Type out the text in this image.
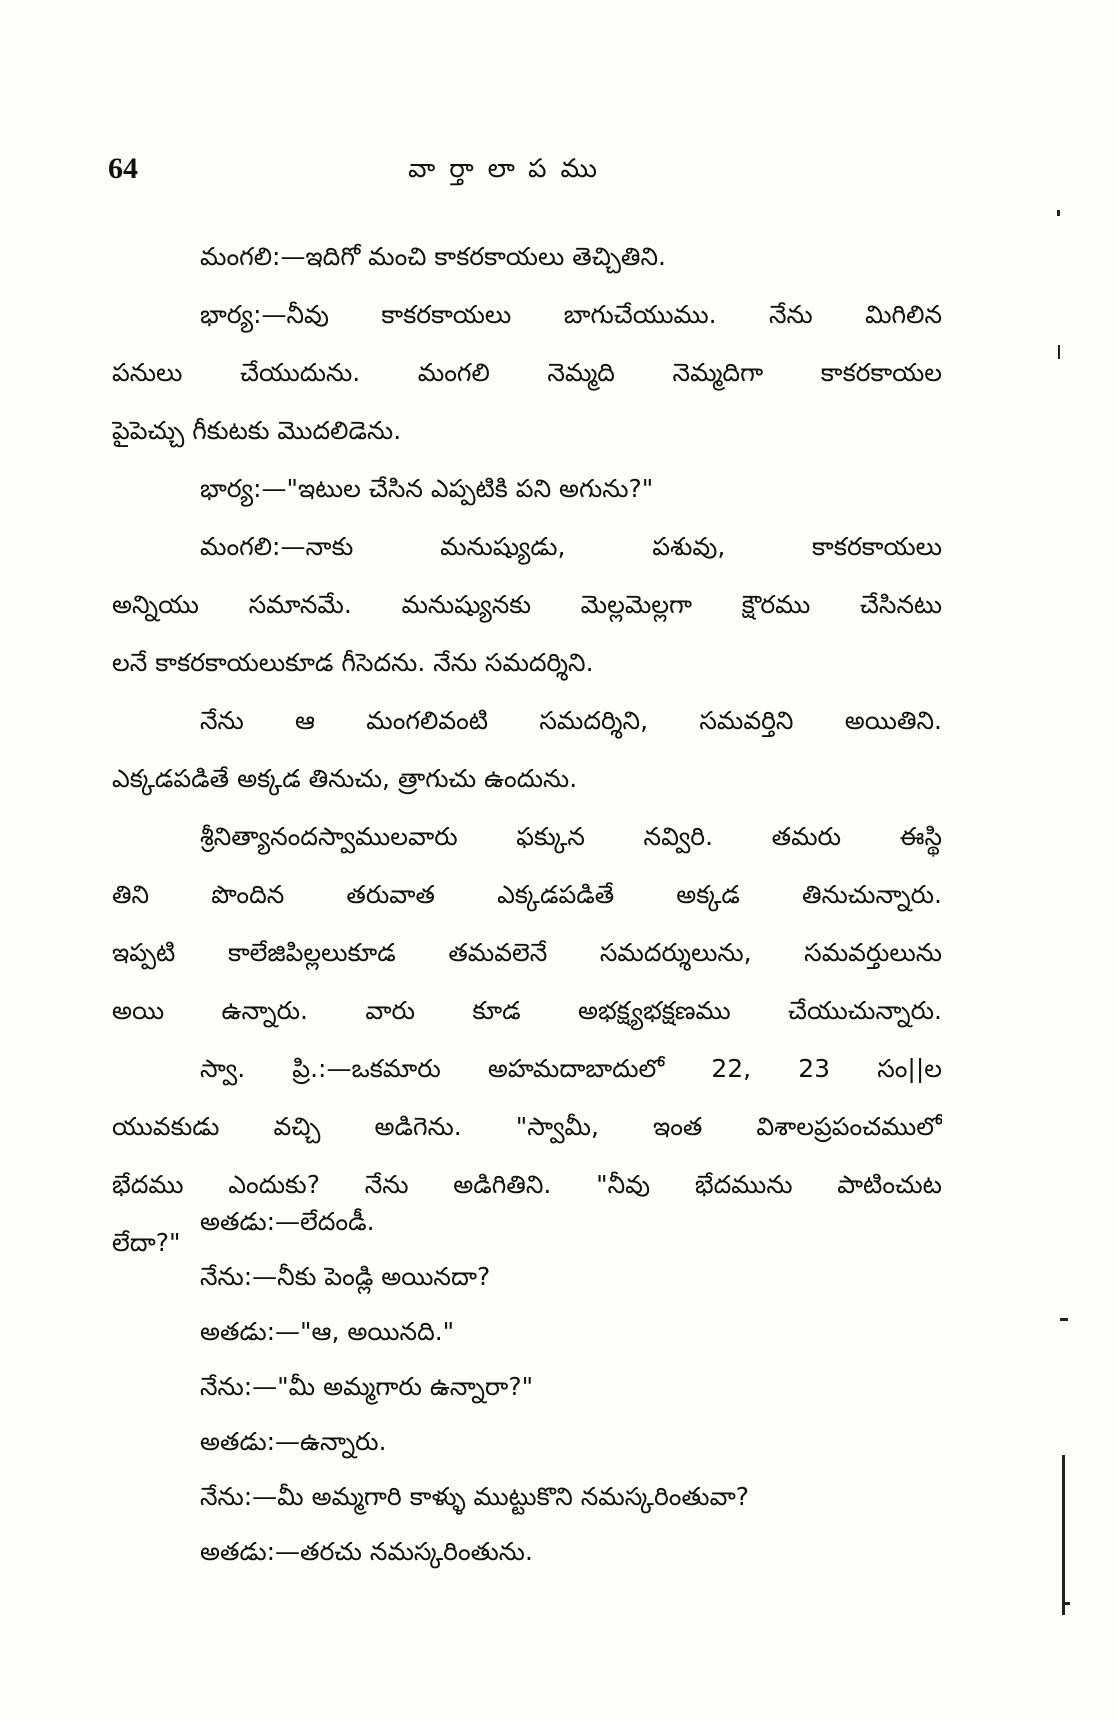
64	వార్తాలాపము
మంగలి:—ఇదిగో మంచి కాకరకాయలు తెచ్చితిని.
భార్య:—నీవు కాకరకాయలు బాగుచేయుము. నేను మిగిలిన
పనులు చేయుదును. మంగలి నెమ్మది నెమ్మదిగా కాకరకాయల
పైపెచ్చు గీకుటకు మొదలిడెను.
భార్య:—"ఇటుల చేసిన ఎప్పటికి పని అగును?"
మంగలి:—నాకు మనుష్యుడు, పశువు, కాకరకాయలు
అన్నియు సమానమే. మనుష్యునకు మెల్లమెల్లగా క్షౌరము చేసినటు
లనే కాకరకాయలుకూడ గీసెదను. నేను సమదర్శిని.
నేను ఆ మంగలివంటి సమదర్శిని, సమవర్తిని అయితిని.
ఎక్కడపడితే అక్కడ తినుచు, త్రాగుచు ఉందును.
శ్రీనిత్యానందస్వాములవారు ఫక్కున నవ్విరి. తమరు ఈస్థి
తిని పొందిన తరువాత ఎక్కడపడితే అక్కడ తినుచున్నారు.
ఇప్పటి కాలేజిపిల్లలుకూడ తమవలెనే సమదర్శులును, సమవర్తులును
అయి ఉన్నారు. వారు కూడ అభక్ష్యభక్షణము చేయుచున్నారు.
స్వా. ప్రి.:—ఒకమారు అహమదాబాదులో 22, 23 సం||ల
యువకుడు వచ్చి అడిగెను. "స్వామీ, ఇంత విశాలప్రపంచములో
భేదము ఎందుకు? నేను అడిగితిని. "నీవు భేదమును పాటించుట
లేదా?"
అతడు:—లేదండీ.
నేను:—నీకు పెండ్లి అయినదా?
అతడు:—"ఆ, అయినది."
నేను:—"మీ అమ్మగారు ఉన్నారా?"
అతడు:—ఉన్నారు.
నేను:—మీ అమ్మగారి కాళ్ళు ముట్టుకొని నమస్కరింతువా?
అతడు:—తరచు నమస్కరింతును.
